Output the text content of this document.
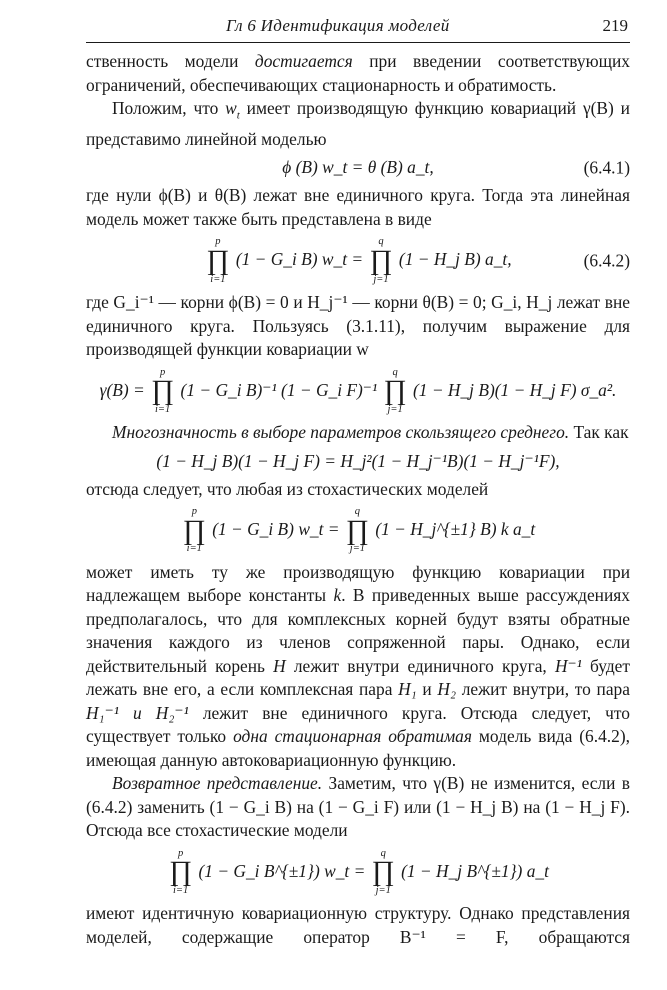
Гл 6 Идентификация моделей	219

ственность модели достигается при введении соответствующих ограничений, обеспечивающих стационарность и обратимость.

Положим, что $w_t$ имеет производящую функцию ковариаций γ(B) и представимо линейной моделью

ϕ (B) w_t = θ (B) a_t,	(6.4.1)

где нули ϕ(B) и θ(B) лежат вне единичного круга. Тогда эта линейная модель может также быть представлена в виде

p
∏
i=1
(1 − G_i B) w_t =
q
∏
j=1
(1 − H_j B) a_t,	(6.4.2)

где G_i⁻¹ — корни ϕ(B) = 0 и H_j⁻¹ — корни θ(B) = 0; G_i, H_j лежат вне единичного круга. Пользуясь (3.1.11), получим выражение для производящей функции ковариации w

γ(B) =
p
∏
i=1
(1 − G_i B)⁻¹ (1 − G_i F)⁻¹
q
∏
j=1
(1 − H_j B)(1 − H_j F) σ_a².

Многозначность в выборе параметров скользящего среднего. Так как

(1 − H_j B)(1 − H_j F) = H_j²(1 − H_j⁻¹B)(1 − H_j⁻¹F),

отсюда следует, что любая из стохастических моделей

p
∏
i=1
(1 − G_i B) w_t =
q
∏
j=1
(1 − H_j^{±1} B) k a_t

может иметь ту же производящую функцию ковариации при надлежащем выборе константы k. В приведенных выше рассуждениях предполагалось, что для комплексных корней будут взяты обратные значения каждого из членов сопряженной пары. Однако, если действительный корень H лежит внутри единичного круга, H⁻¹ будет лежать вне его, а если комплексная пара H₁ и H₂ лежит внутри, то пара H₁⁻¹ и H₂⁻¹ лежит вне единичного круга. Отсюда следует, что существует только одна стационарная обратимая модель вида (6.4.2), имеющая данную автоковариационную функцию.

Возвратное представление. Заметим, что γ(B) не изменится, если в (6.4.2) заменить (1 − G_i B) на (1 − G_i F) или (1 − H_j B) на (1 − H_j F). Отсюда все стохастические модели

p
∏
i=1
(1 − G_i B^{±1}) w_t =
q
∏
j=1
(1 − H_j B^{±1}) a_t

имеют идентичную ковариационную структуру. Однако представления моделей, содержащие оператор B⁻¹ = F, обращаются
